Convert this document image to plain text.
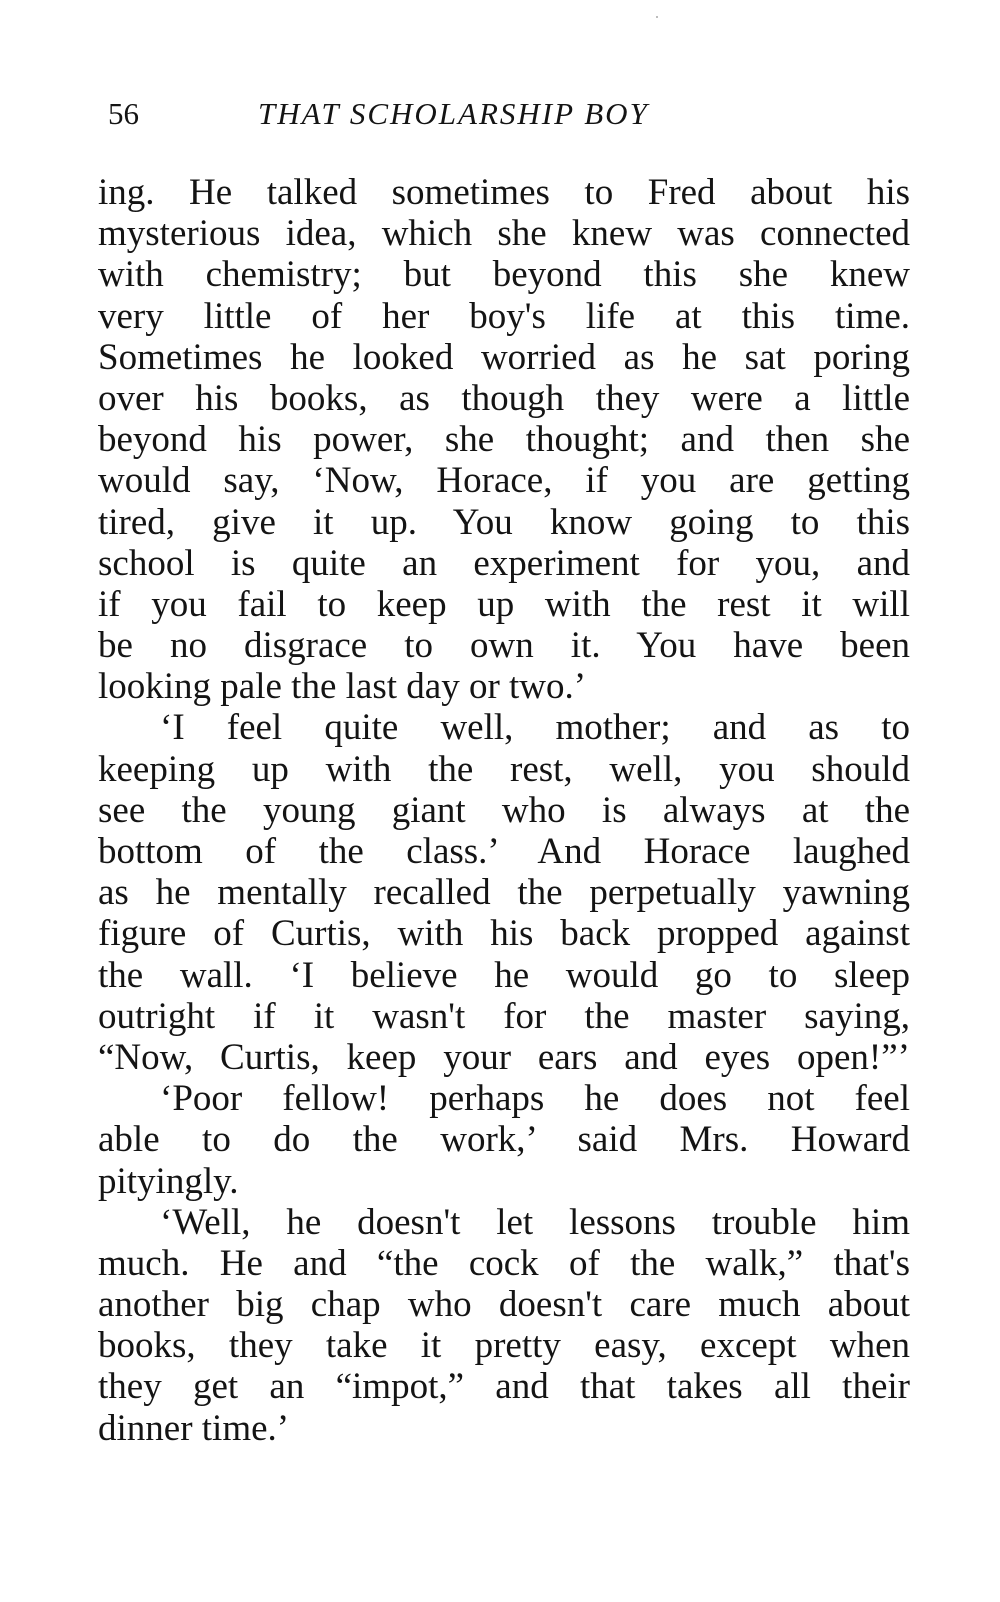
56	THAT SCHOLARSHIP BOY
ing. He talked sometimes to Fred about his
mysterious idea, which she knew was connected
with chemistry; but beyond this she knew
very little of her boy's life at this time.
Sometimes he looked worried as he sat poring
over his books, as though they were a little
beyond his power, she thought; and then she
would say, ‘Now, Horace, if you are getting
tired, give it up. You know going to this
school is quite an experiment for you, and
if you fail to keep up with the rest it will
be no disgrace to own it. You have been
looking pale the last day or two.’
‘I feel quite well, mother; and as to
keeping up with the rest, well, you should
see the young giant who is always at the
bottom of the class.’ And Horace laughed
as he mentally recalled the perpetually yawning
figure of Curtis, with his back propped against
the wall. ‘I believe he would go to sleep
outright if it wasn't for the master saying,
“Now, Curtis, keep your ears and eyes open!”’
‘Poor fellow! perhaps he does not feel
able to do the work,’ said Mrs. Howard
pityingly.
‘Well, he doesn't let lessons trouble him
much. He and “the cock of the walk,” that's
another big chap who doesn't care much about
books, they take it pretty easy, except when
they get an “impot,” and that takes all their
dinner time.’
